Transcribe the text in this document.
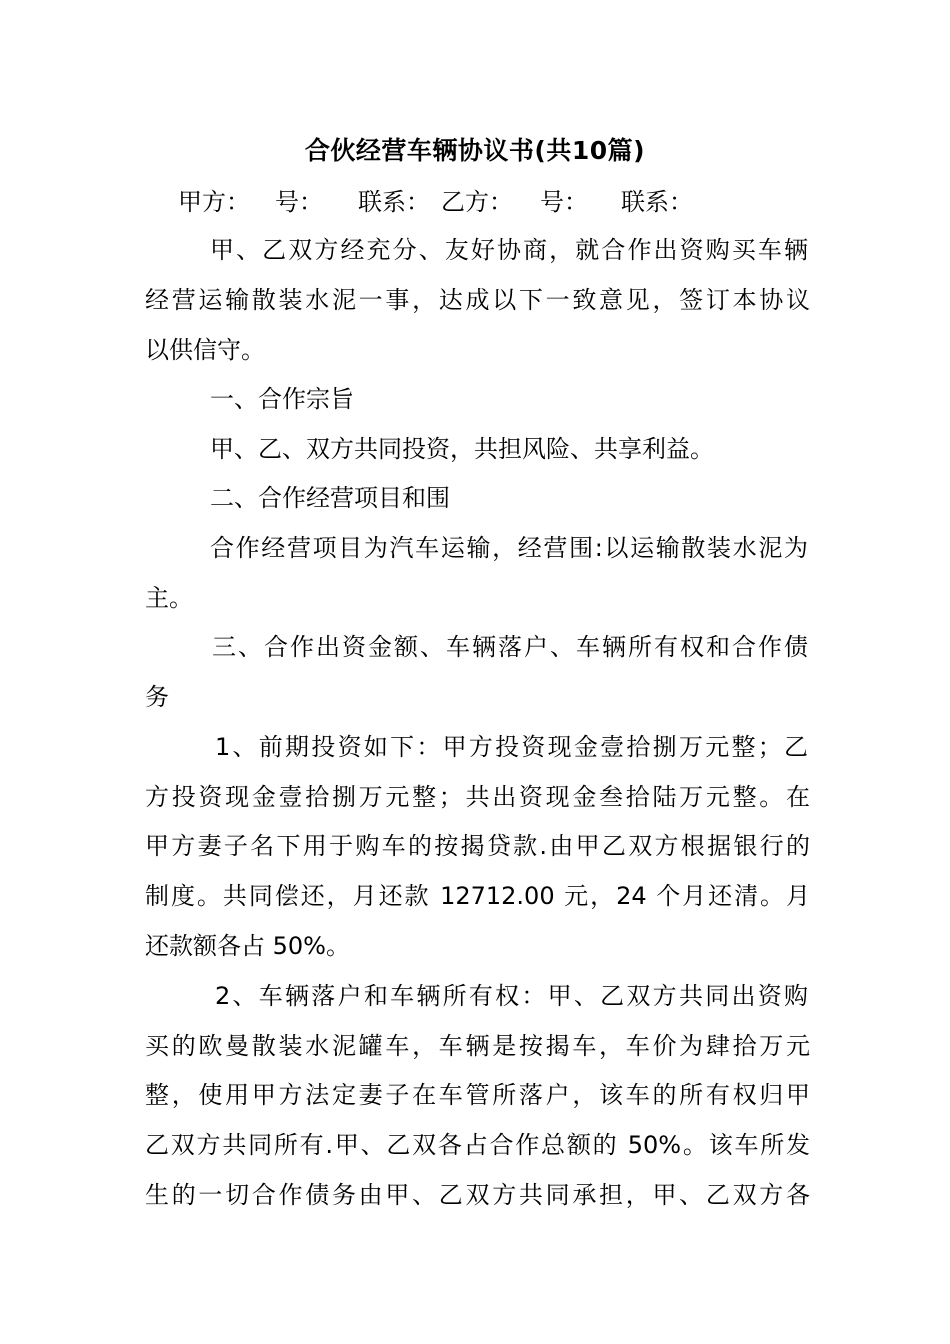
合伙经营车辆协议书(共10篇)
甲方： 号： 联系： 乙方： 号： 联系：
甲、乙双方经充分、友好协商，就合作出资购买车辆
经营运输散装水泥一事，达成以下一致意见，签订本协议
以供信守。
一、合作宗旨
甲、乙、双方共同投资，共担风险、共享利益。
二、合作经营项目和围
合作经营项目为汽车运输，经营围:以运输散装水泥为
主。
三、合作出资金额、车辆落户、车辆所有权和合作债
务
1、前期投资如下：甲方投资现金壹拾捌万元整；乙
方投资现金壹拾捌万元整；共出资现金叁拾陆万元整。在
甲方妻子名下用于购车的按揭贷款.由甲乙双方根据银行的
制度。共同偿还，月还款 12712.00 元，24 个月还清。月
还款额各占 50%。
2、车辆落户和车辆所有权：甲、乙双方共同出资购
买的欧曼散装水泥罐车，车辆是按揭车，车价为肆拾万元
整，使用甲方法定妻子在车管所落户，该车的所有权归甲
乙双方共同所有.甲、乙双各占合作总额的 50%。该车所发
生的一切合作债务由甲、乙双方共同承担，甲、乙双方各
